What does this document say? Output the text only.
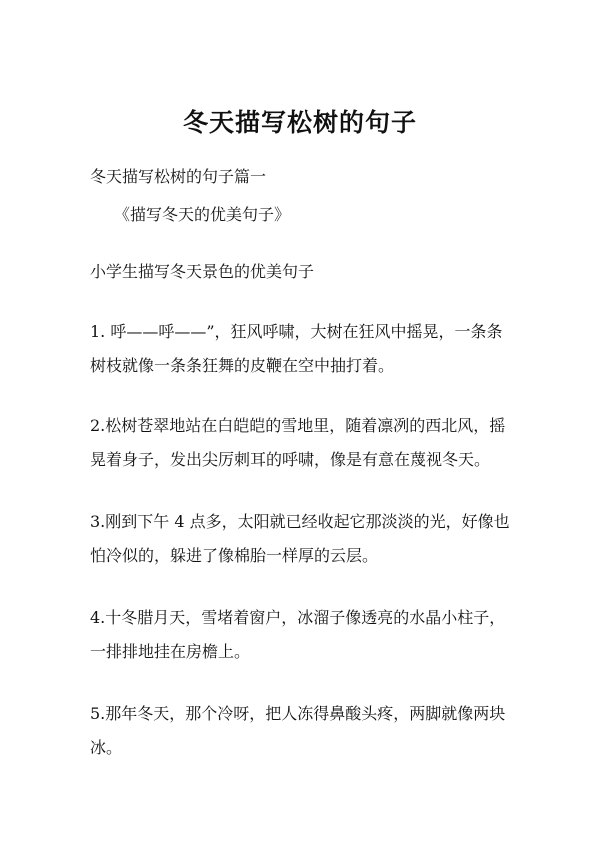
冬天描写松树的句子
冬天描写松树的句子篇一
《描写冬天的优美句子》
小学生描写冬天景色的优美句子
1. 呼——呼——”，狂风呼啸，大树在狂风中摇晃，一条条
树枝就像一条条狂舞的皮鞭在空中抽打着。
2.松树苍翠地站在白皑皑的雪地里，随着凛冽的西北风，摇
晃着身子，发出尖厉刺耳的呼啸，像是有意在蔑视冬天。
3.刚到下午 4 点多，太阳就已经收起它那淡淡的光，好像也
怕冷似的，躲进了像棉胎一样厚的云层。
4.十冬腊月天，雪堵着窗户，冰溜子像透亮的水晶小柱子，
一排排地挂在房檐上。
5.那年冬天，那个冷呀，把人冻得鼻酸头疼，两脚就像两块
冰。
